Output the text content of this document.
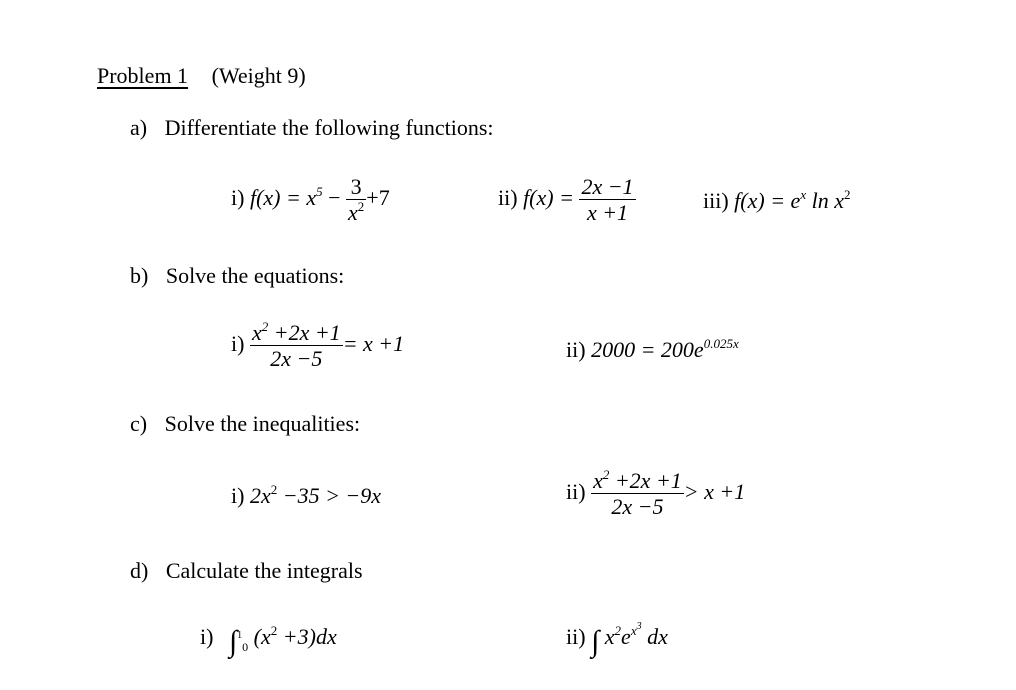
Problem 1 (Weight 9)
a) Differentiate the following functions:
i) $f(x) = x^5 - \frac{3}{x^2} +7$	ii) $f(x) = \frac{2x -1}{x +1}$	iii) $f(x) = e^x$ $\ln x^2$
b) Solve the equations:
$i) \frac{x^2 +2x +1}{2x -5} = x +1$	ii) $2000 = 200e^{0.025x}$
c) Solve the inequalities:
i) $2x^2 -35 > -9x$	$ii) \frac{x^2 +2x +1}{2x -5} > x +1$
d) Calculate the integrals
i) ∫$^1_0$ $(x^2 +3)dx$	ii) ∫ $x^2e^{x^3}$ dx
